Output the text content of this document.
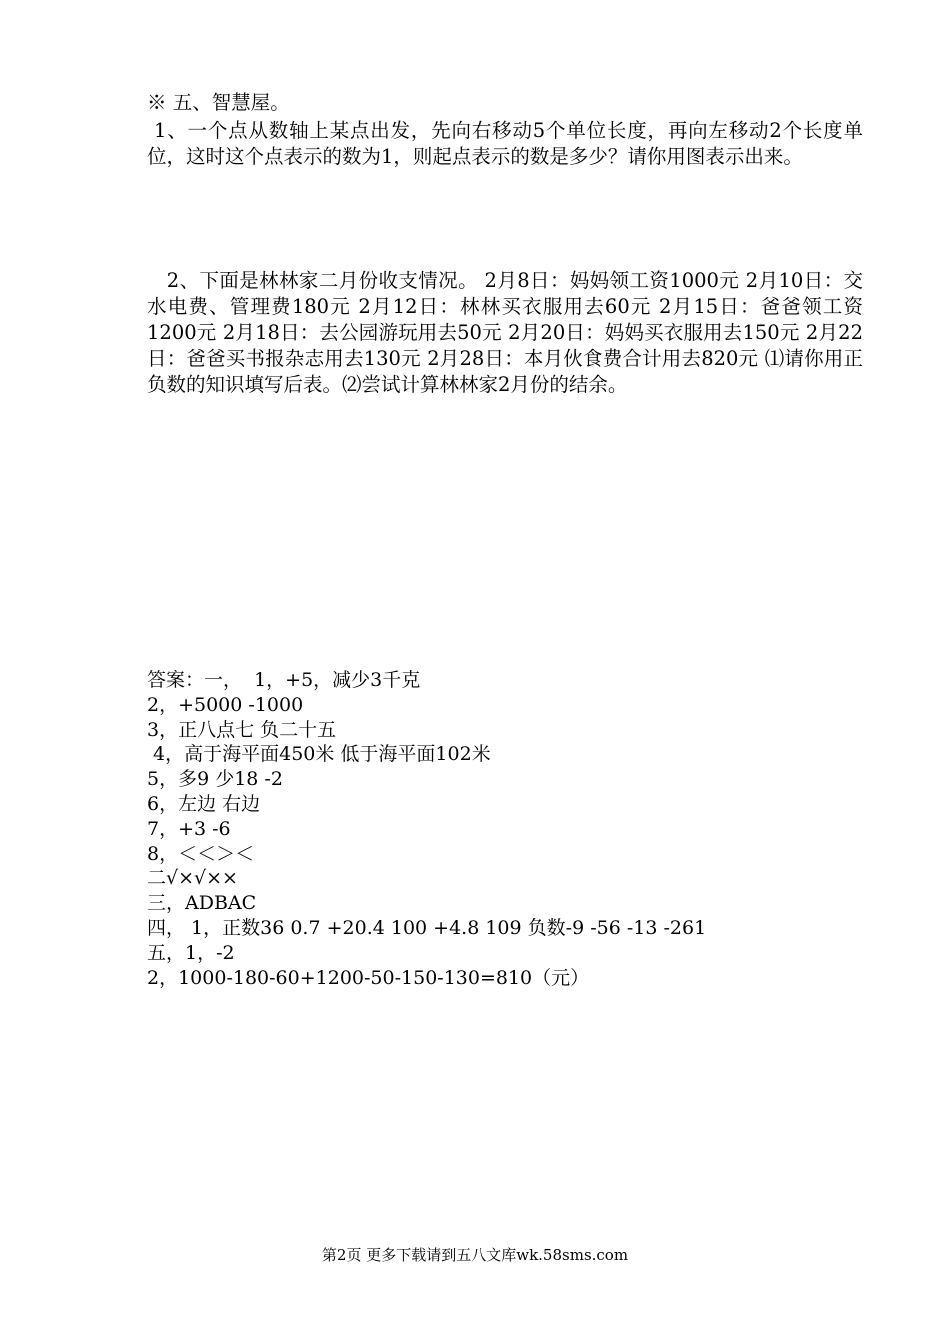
※ 五、智慧屋。
1、一个点从数轴上某点出发，先向右移动5个单位长度，再向左移动2个长度单位，这时这个点表示的数为1，则起点表示的数是多少？请你用图表示出来。
2、下面是林林家二月份收支情况。 2月8日：妈妈领工资1000元 2月10日：交水电费、管理费180元 2月12日：林林买衣服用去60元 2月15日：爸爸领工资1200元 2月18日：去公园游玩用去50元 2月20日：妈妈买衣服用去150元 2月22日：爸爸买书报杂志用去130元 2月28日：本月伙食费合计用去820元 ⑴请你用正负数的知识填写后表。⑵尝试计算林林家2月份的结余。
答案：一，  1，+5，减少3千克
2，+5000 -1000
3，正八点七 负二十五
4，高于海平面450米 低于海平面102米
5，多9 少18 -2
6，左边 右边
7，+3 -6
8，＜＜＞＜
二√×√××
三，ADBAC
四， 1，正数36 0.7 +20.4 100 +4.8 109 负数-9 -56 -13 -261
五，1，-2
2，1000-180-60+1200-50-150-130=810（元）
第2页 更多下载请到五八文库wk.58sms.com
